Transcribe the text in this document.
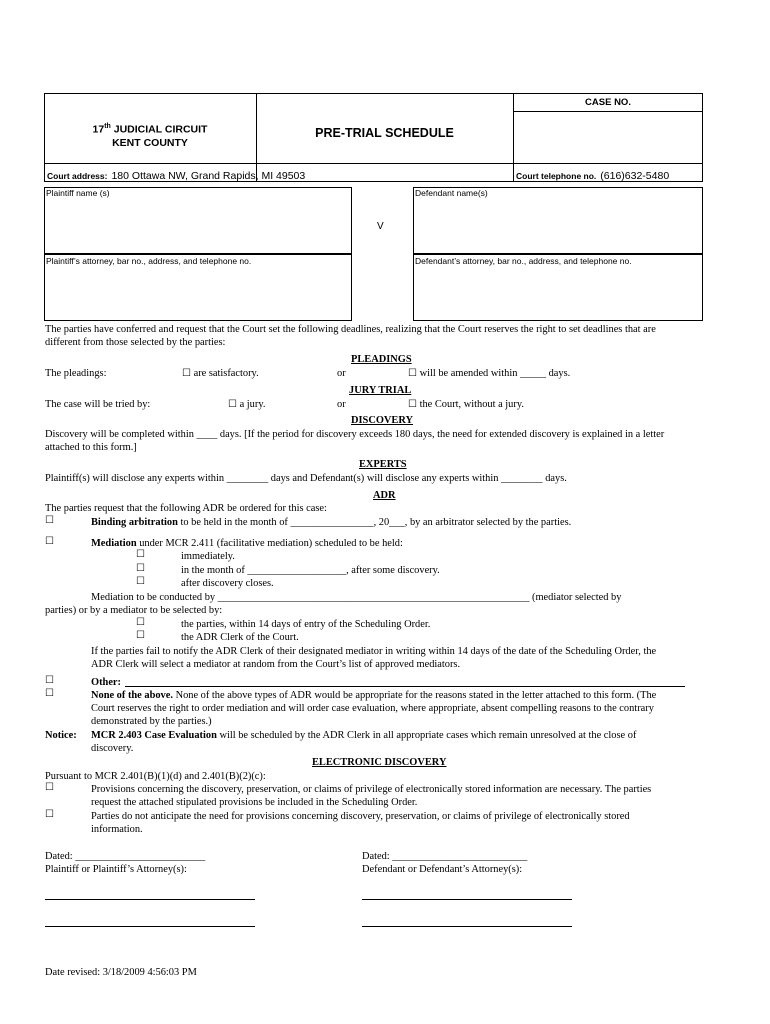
CASE NO.
17th JUDICIAL CIRCUIT
KENT COUNTY
PRE-TRIAL SCHEDULE
Court address: 180 Ottawa NW, Grand Rapids, MI 49503	Court telephone no. (616)632-5480
Plaintiff name (s)	Defendant name(s)
Plaintiff’s attorney, bar no., address, and telephone no.	Defendant’s attorney, bar no., address, and telephone no.
V
The parties have conferred and request that the Court set the following deadlines, realizing that the Court reserves the right to set deadlines that are
different from those selected by the parties:
PLEADINGS
The pleadings:	☐ are satisfactory.	or	☐ will be amended within _____ days.
JURY TRIAL
The case will be tried by:	☐ a jury.	or	☐ the Court, without a jury.
DISCOVERY
Discovery will be completed within ____ days. [If the period for discovery exceeds 180 days, the need for extended discovery is explained in a letter
attached to this form.]
EXPERTS
Plaintiff(s) will disclose any experts within ________ days and Defendant(s) will disclose any experts within ________ days.
ADR
The parties request that the following ADR be ordered for this case:
☐	Binding arbitration to be held in the month of ________________, 20___, by an arbitrator selected by the parties.
☐	Mediation under MCR 2.411 (facilitative mediation) scheduled to be held:
☐	immediately.
☐	in the month of ___________________, after some discovery.
☐	after discovery closes.
Mediation to be conducted by ____________________________________________________________ (mediator selected by
parties) or by a mediator to be selected by:
☐	the parties, within 14 days of entry of the Scheduling Order.
☐	the ADR Clerk of the Court.
If the parties fail to notify the ADR Clerk of their designated mediator in writing within 14 days of the date of the Scheduling Order, the
ADR Clerk will select a mediator at random from the Court’s list of approved mediators.
☐	Other:
☐	None of the above. None of the above types of ADR would be appropriate for the reasons stated in the letter attached to this form. (The
Court reserves the right to order mediation and will order case evaluation, where appropriate, absent compelling reasons to the contrary
demonstrated by the parties.)
Notice: MCR 2.403 Case Evaluation will be scheduled by the ADR Clerk in all appropriate cases which remain unresolved at the close of
discovery.
ELECTRONIC DISCOVERY
Pursuant to MCR 2.401(B)(1)(d) and 2.401(B)(2)(c):
☐	Provisions concerning the discovery, preservation, or claims of privilege of electronically stored information are necessary. The parties
request the attached stipulated provisions be included in the Scheduling Order.
☐	Parties do not anticipate the need for provisions concerning discovery, preservation, or claims of privilege of electronically stored
information.
Dated: _________________________
Plaintiff or Plaintiff’s Attorney(s):
Dated: __________________________
Defendant or Defendant’s Attorney(s):
Date revised: 3/18/2009 4:56:03 PM
